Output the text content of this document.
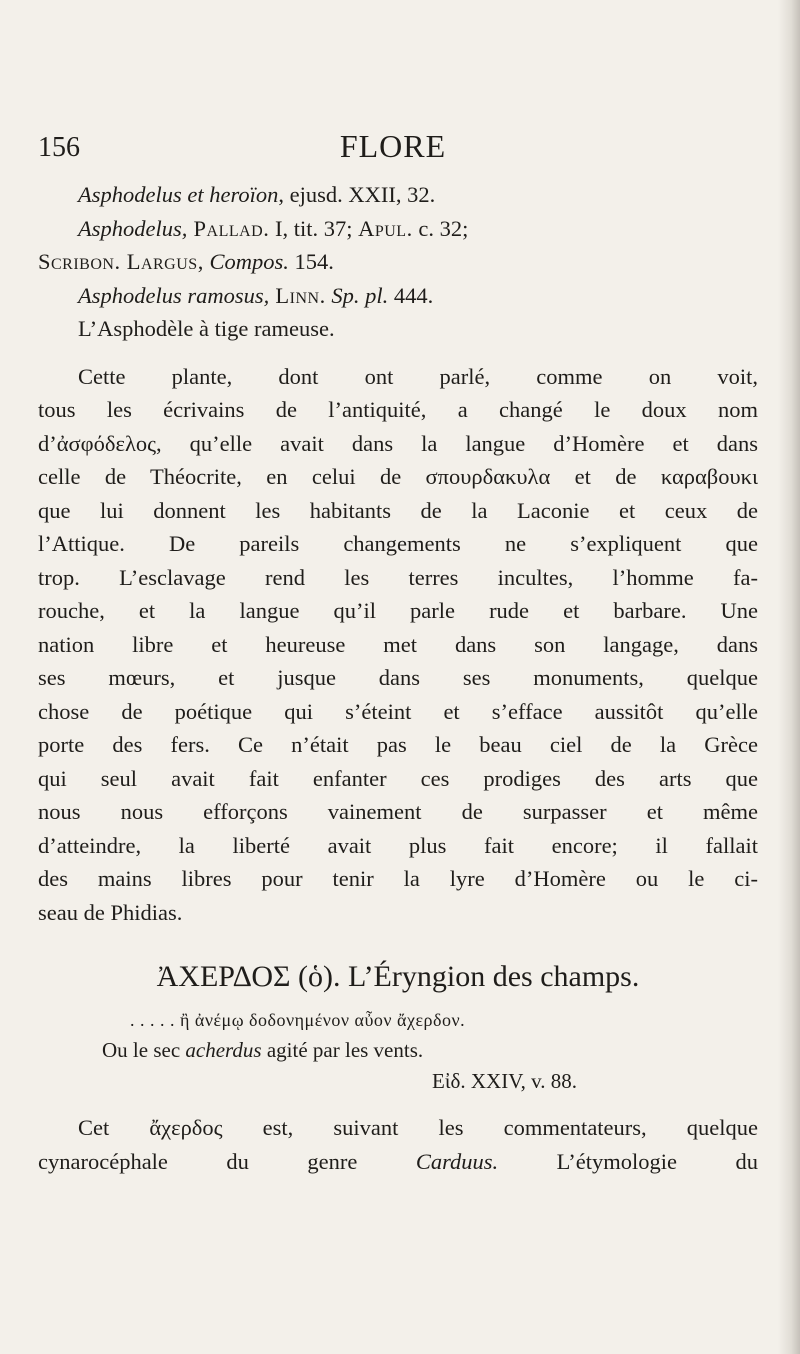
156	FLORE
Asphodelus et heroïon, ejusd. XXII, 32.
Asphodelus, Pallad. I, tit. 37; Apul. c. 32;
Scribon. Largus, Compos. 154.
Asphodelus ramosus, Linn. Sp. pl. 444.
L’Asphodèle à tige rameuse.
Cette plante, dont ont parlé, comme on voit,
tous les écrivains de l’antiquité, a changé le doux nom
d’ἀσφόδελος, qu’elle avait dans la langue d’Homère et dans
celle de Théocrite, en celui de σπουρδακυλα et de καραβουκι
que lui donnent les habitants de la Laconie et ceux de
l’Attique. De pareils changements ne s’expliquent que
trop. L’esclavage rend les terres incultes, l’homme fa-
rouche, et la langue qu’il parle rude et barbare. Une
nation libre et heureuse met dans son langage, dans
ses mœurs, et jusque dans ses monuments, quelque
chose de poétique qui s’éteint et s’efface aussitôt qu’elle
porte des fers. Ce n’était pas le beau ciel de la Grèce
qui seul avait fait enfanter ces prodiges des arts que
nous nous efforçons vainement de surpasser et même
d’atteindre, la liberté avait plus fait encore; il fallait
des mains libres pour tenir la lyre d’Homère ou le ci-
seau de Phidias.
ἈΧΕΡΔΟΣ (ὁ). L’Éryngion des champs.
. . . . . ἢ ἀνέμῳ δοδονημένον αὖον ἄχερδον.
Ou le sec acherdus agité par les vents.
Εἰδ. XXIV, v. 88.
Cet ἄχερδος est, suivant les commentateurs, quelque
cynarocéphale du genre Carduus. L’étymologie du
